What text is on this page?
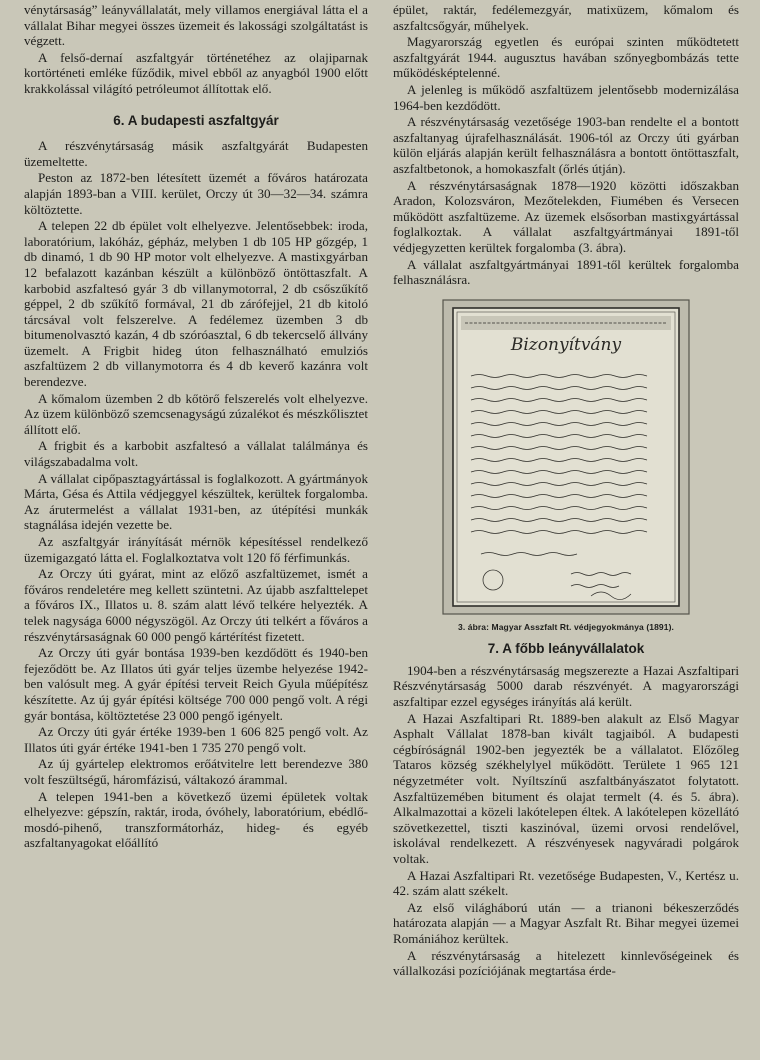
vénytársaság” leányvállalatát, mely villamos energiával látta el a vállalat Bihar megyei összes üzemeit és lakossági szolgáltatást is végzett.

A felső-dernaí aszfaltgyár történetéhez az olajiparnak kortörténeti emléke fűződik, mivel ebből az anyagból 1900 előtt krakkolással világító petróleumot állítottak elő.

6. A budapesti aszfaltgyár

A részvénytársaság másik aszfaltgyárát Budapesten üzemeltette.

Peston az 1872-ben létesített üzemét a főváros határozata alapján 1893-ban a VIII. kerület, Orczy út 30—32—34. számra költöztette.

A telepen 22 db épület volt elhelyezve. Jelentősebbek: iroda, laboratórium, lakóház, gépház, melyben 1 db 105 HP gőzgép, 1 db dinamó, 1 db 90 HP motor volt elhelyezve. A mastixgyárban 12 befalazott kazánban készült a különböző öntöttaszfalt. A karbobid aszfaltesó gyár 3 db villanymotorral, 2 db csőszűkítő géppel, 2 db szűkítő formával, 21 db zárófejjel, 21 db kitoló tárcsával volt felszerelve. A fedélemez üzemben 3 db bitumenolvasztó kazán, 4 db szóróasztal, 6 db tekercselő állvány üzemelt. A Frigbit hideg úton felhasználható emulziós aszfaltüzem 2 db villanymotorra és 4 db keverő kazánra volt berendezve.

A kőmalom üzemben 2 db kőtörő felszerelés volt elhelyezve. Az üzem különböző szemcsenagyságú zúzalékot és mészkőlisztet állított elő.

A frigbit és a karbobit aszfaltesó a vállalat találmánya és világszabadalma volt.

A vállalat cipőpasztagyártással is foglalkozott. A gyártmányok Márta, Gésa és Attila védjeggyel készültek, kerültek forgalomba. Az árutermelést a vállalat 1931-ben, az útépítési munkák stagnálása idején vezette be.

Az aszfaltgyár irányítását mérnök képesítéssel rendelkező üzemigazgató látta el. Foglalkoztatva volt 120 fő férfimunkás.

Az Orczy úti gyárat, mint az előző aszfaltüzemet, ismét a főváros rendeletére meg kellett szüntetni. Az újabb aszfalttelepet a főváros IX., Illatos u. 8. szám alatt lévő telkére helyezték. A telek nagysága 6000 négyszögöl. Az Orczy úti telkért a főváros a részvénytársaságnak 60 000 pengő kártérítést fizetett.

Az Orczy úti gyár bontása 1939-ben kezdődött és 1940-ben fejeződött be. Az Illatos úti gyár teljes üzembe helyezése 1942-ben valósult meg. A gyár építési terveit Reich Gyula műépítész készítette. Az új gyár építési költsége 700 000 pengő volt. A régi gyár bontása, költöztetése 23 000 pengő igényelt.

Az Orczy úti gyár értéke 1939-ben 1 606 825 pengő volt. Az Illatos úti gyár értéke 1941-ben 1 735 270 pengő volt.

Az új gyártelep elektromos erőátvitelre lett berendezve 380 volt feszültségű, háromfázisú, váltakozó árammal.

A telepen 1941-ben a következő üzemi épületek voltak elhelyezve: gépszín, raktár, iroda, óvóhely, laboratórium, ebédlő-mosdó-pihenő, transzformátorház, hideg- és egyéb aszfaltanyagokat előállító

épület, raktár, fedélemezgyár, matixüzem, kőmalom és aszfaltcsőgyár, műhelyek.

Magyarország egyetlen és európai szinten működtetett aszfaltgyárát 1944. augusztus havában szőnyegbombázás tette működésképtelenné.

A jelenleg is működő aszfaltüzem jelentősebb modernizálása 1964-ben kezdődött.

A részvénytársaság vezetősége 1903-ban rendelte el a bontott aszfaltanyag újrafelhasználását. 1906-tól az Orczy úti gyárban külön eljárás alapján került felhasználásra a bontott öntöttaszfalt, aszfaltbetonok, a homokaszfalt (őrlés útján).

A részvénytársaságnak 1878—1920 közötti időszakban Aradon, Kolozsváron, Mezőtelekden, Fiumében és Versecen működött aszfaltüzeme. Az üzemek elsősorban mastixgyártással foglalkoztak. A vállalat aszfaltgyártmányai 1891-től védjegyzetten kerültek forgalomba (3. ábra).

A vállalat aszfaltgyártmányai 1891-től kerültek forgalomba felhasználásra.

Bizonyítvány
3. ábra: Magyar Asszfalt Rt. védjegyokmánya (1891).
7. A főbb leányvállalatok

1904-ben a részvénytársaság megszerezte a Hazai Aszfaltipari Részvénytársaság 5000 darab részvényét. A magyarországi aszfaltipar ezzel egységes irányítás alá került.

A Hazai Aszfaltipari Rt. 1889-ben alakult az Első Magyar Asphalt Vállalat 1878-ban kivált tagjaiból. A budapesti cégbíróságnál 1902-ben jegyezték be a vállalatot. Előzőleg Tataros község székhelylyel működött. Területe 1 965 121 négyzetméter volt. Nyíltszínű aszfaltbányászatot folytatott. Aszfaltüzemében bitument és olajat termelt (4. és 5. ábra). Alkalmazottai a közeli lakótelepen éltek. A lakótelepen közellátó szövetkezettel, tiszti kaszinóval, üzemi orvosi rendelővel, iskolával rendelkezett. A részvényesek nagyváradi polgárok voltak.

A Hazai Aszfaltipari Rt. vezetősége Budapesten, V., Kertész u. 42. szám alatt székelt.

Az első világháború után — a trianoni békeszerződés határozata alapján — a Magyar Aszfalt Rt. Bihar megyei üzemei Romániához kerültek.

A részvénytársaság a hitelezett kinnlevőségeinek és vállalkozási pozíciójának megtartása érde-
